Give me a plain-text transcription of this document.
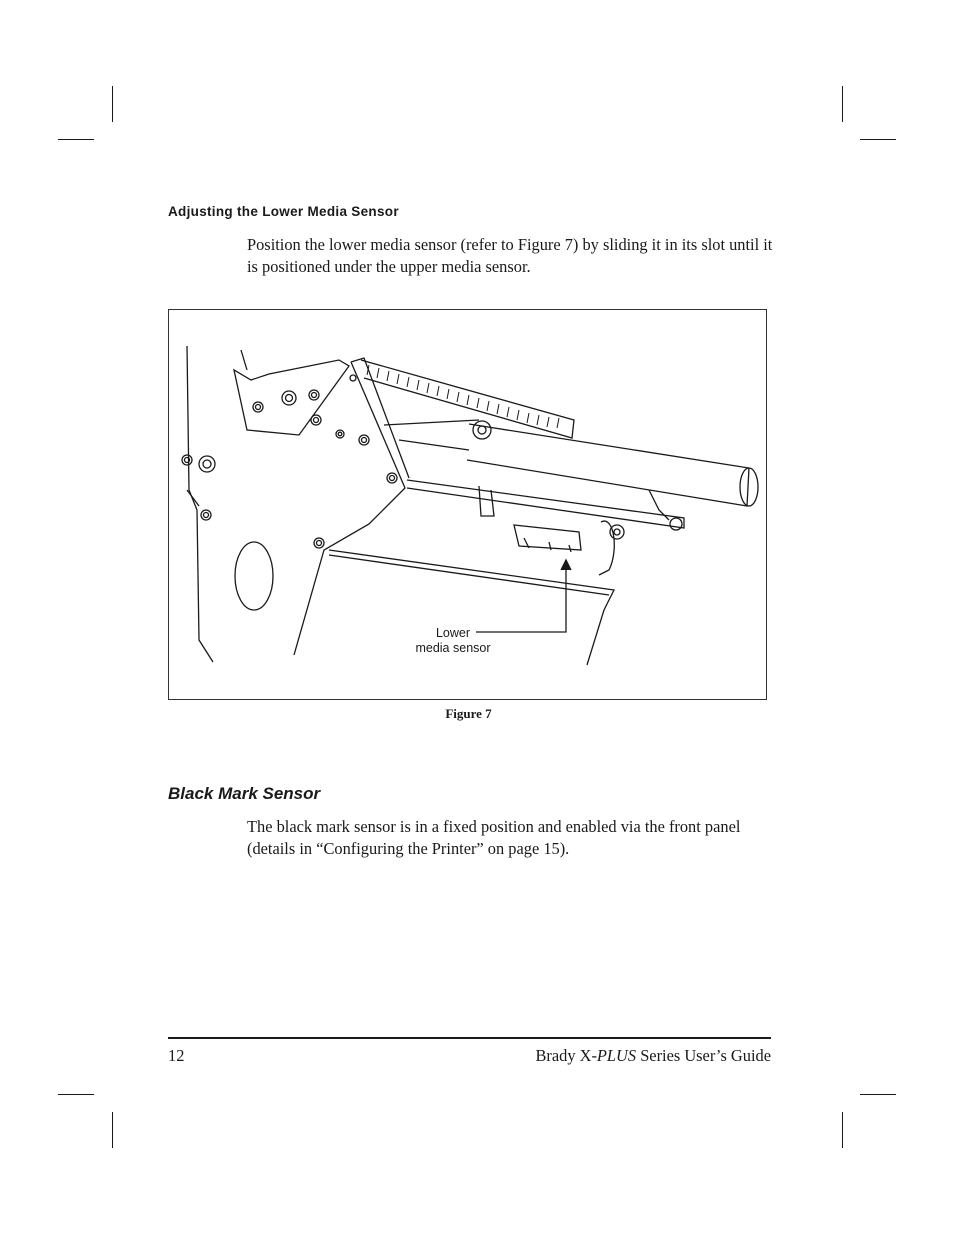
Adjusting the Lower Media Sensor

Position the lower media sensor (refer to Figure 7) by sliding it in its slot until it is positioned under the upper media sensor.

Lower
media sensor
Figure 7
Black Mark Sensor

The black mark sensor is in a fixed position and enabled via the front panel (details in “Configuring the Printer” on page 15).

12	Brady X-PLUS Series User’s Guide
